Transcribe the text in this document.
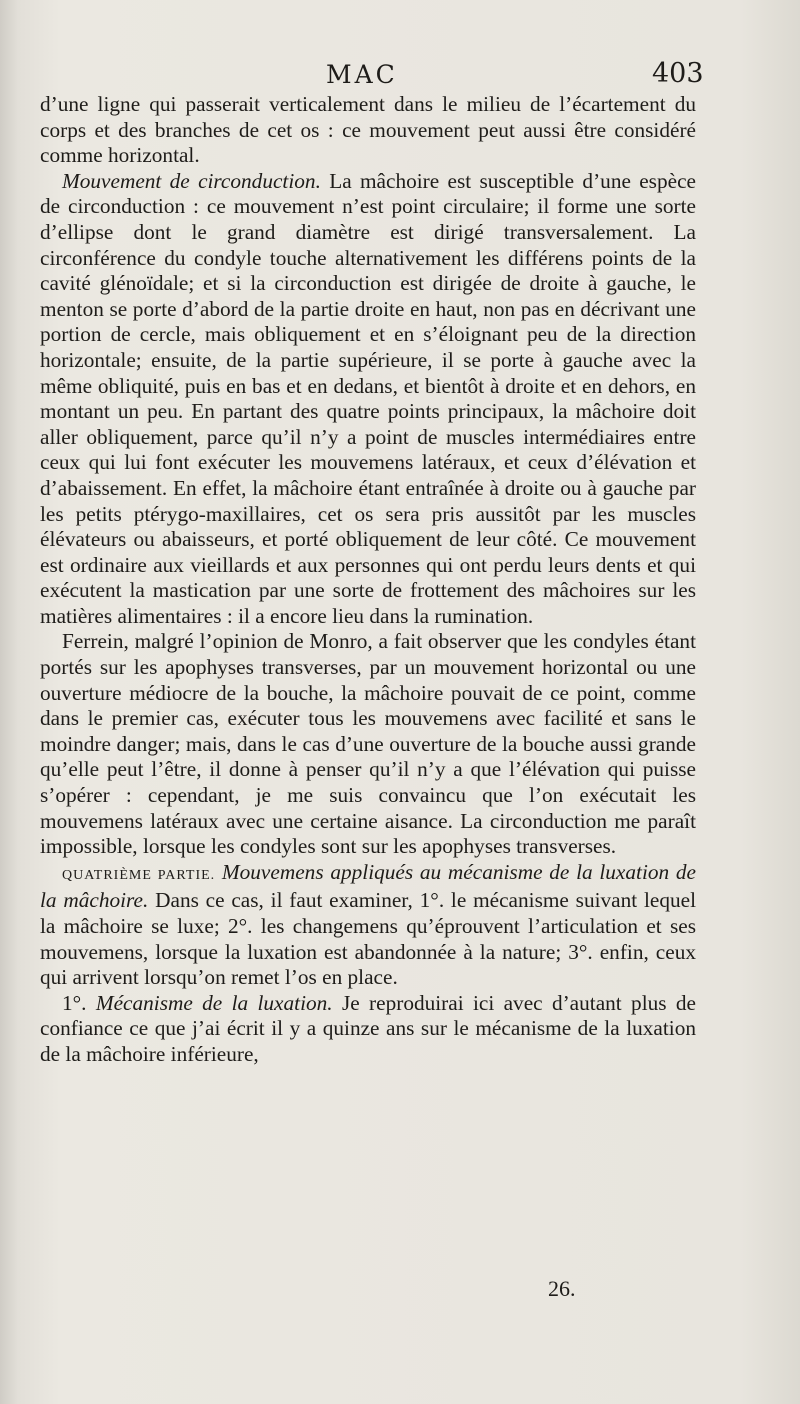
MAC	403

d’une ligne qui passerait verticalement dans le milieu de l’écartement du corps et des branches de cet os : ce mouvement peut aussi être considéré comme horizontal.

Mouvement de circonduction. La mâchoire est susceptible d’une espèce de circonduction : ce mouvement n’est point circulaire; il forme une sorte d’ellipse dont le grand diamètre est dirigé transversalement. La circonférence du condyle touche alternativement les différens points de la cavité glénoïdale; et si la circonduction est dirigée de droite à gauche, le menton se porte d’abord de la partie droite en haut, non pas en décrivant une portion de cercle, mais obliquement et en s’éloignant peu de la direction horizontale; ensuite, de la partie supérieure, il se porte à gauche avec la même obliquité, puis en bas et en dedans, et bientôt à droite et en dehors, en montant un peu. En partant des quatre points principaux, la mâchoire doit aller obliquement, parce qu’il n’y a point de muscles intermédiaires entre ceux qui lui font exécuter les mouvemens latéraux, et ceux d’élévation et d’abaissement. En effet, la mâchoire étant entraînée à droite ou à gauche par les petits ptérygo-maxillaires, cet os sera pris aussitôt par les muscles élévateurs ou abaisseurs, et porté obliquement de leur côté. Ce mouvement est ordinaire aux vieillards et aux personnes qui ont perdu leurs dents et qui exécutent la mastication par une sorte de frottement des mâchoires sur les matières alimentaires : il a encore lieu dans la rumination.

Ferrein, malgré l’opinion de Monro, a fait observer que les condyles étant portés sur les apophyses transverses, par un mouvement horizontal ou une ouverture médiocre de la bouche, la mâchoire pouvait de ce point, comme dans le premier cas, exécuter tous les mouvemens avec facilité et sans le moindre danger; mais, dans le cas d’une ouverture de la bouche aussi grande qu’elle peut l’être, il donne à penser qu’il n’y a que l’élévation qui puisse s’opérer : cependant, je me suis convaincu que l’on exécutait les mouvemens latéraux avec une certaine aisance. La circonduction me paraît impossible, lorsque les condyles sont sur les apophyses transverses.

QUATRIÈME PARTIE. Mouvemens appliqués au mécanisme de la luxation de la mâchoire. Dans ce cas, il faut examiner, 1°. le mécanisme suivant lequel la mâchoire se luxe; 2°. les changemens qu’éprouvent l’articulation et ses mouvemens, lorsque la luxation est abandonnée à la nature; 3°. enfin, ceux qui arrivent lorsqu’on remet l’os en place.

1°. Mécanisme de la luxation. Je reproduirai ici avec d’autant plus de confiance ce que j’ai écrit il y a quinze ans sur le mécanisme de la luxation de la mâchoire inférieure,

26.
